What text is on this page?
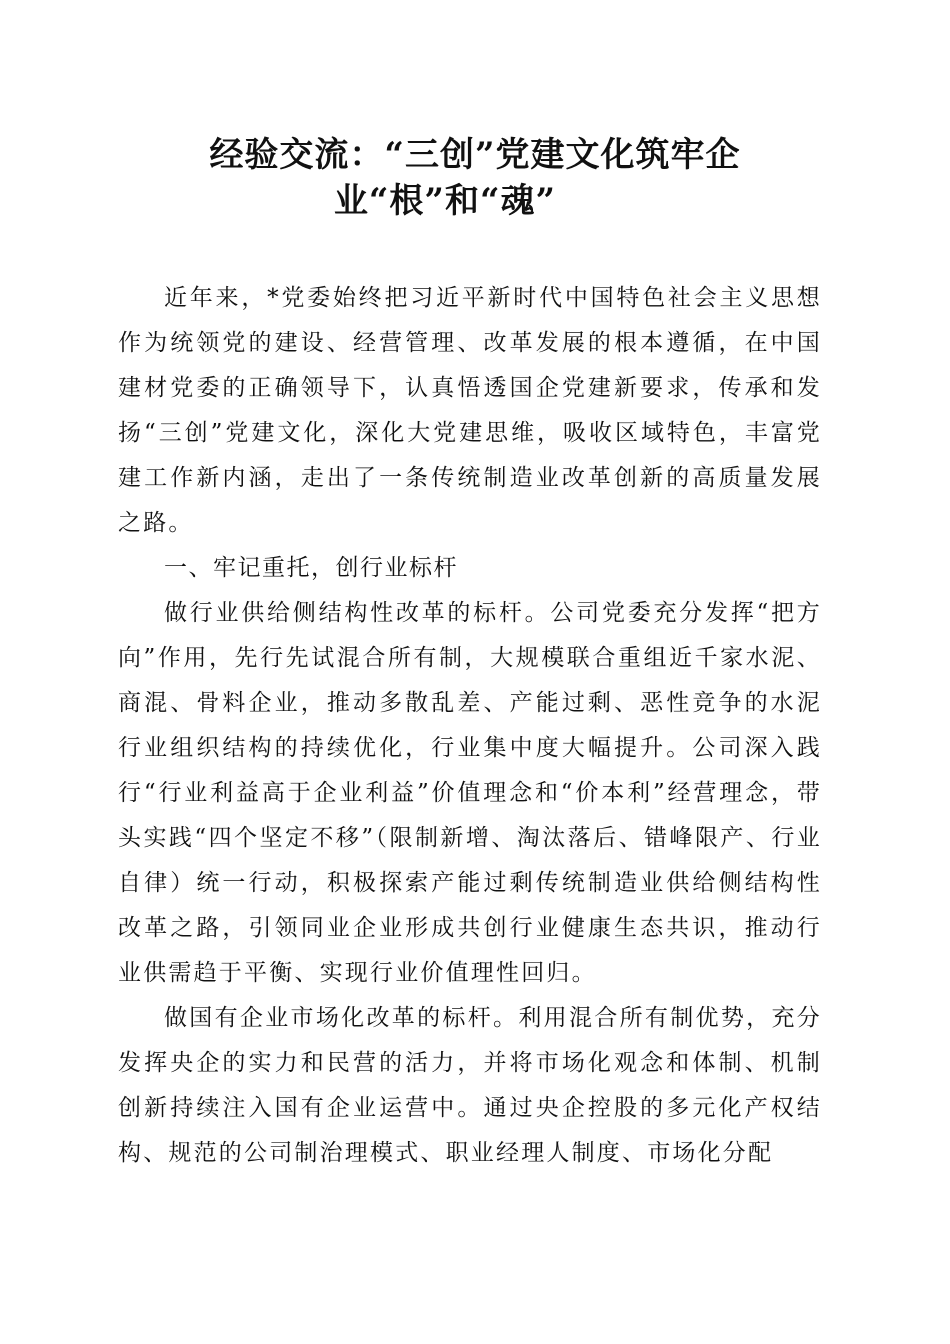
经验交流：“三创”党建文化筑牢企
业“根”和“魂”

近年来，*党委始终把习近平新时代中国特色社会主义思想作为统领党的建设、经营管理、改革发展的根本遵循，在中国建材党委的正确领导下，认真悟透国企党建新要求，传承和发扬“三创”党建文化，深化大党建思维，吸收区域特色，丰富党建工作新内涵，走出了一条传统制造业改革创新的高质量发展之路。

一、牢记重托，创行业标杆

做行业供给侧结构性改革的标杆。公司党委充分发挥“把方向”作用，先行先试混合所有制，大规模联合重组近千家水泥、商混、骨料企业，推动多散乱差、产能过剩、恶性竞争的水泥行业组织结构的持续优化，行业集中度大幅提升。公司深入践行“行业利益高于企业利益”价值理念和“价本利”经营理念，带头实践“四个坚定不移”（限制新增、淘汰落后、错峰限产、行业自律）统一行动，积极探索产能过剩传统制造业供给侧结构性改革之路，引领同业企业形成共创行业健康生态共识，推动行业供需趋于平衡、实现行业价值理性回归。

做国有企业市场化改革的标杆。利用混合所有制优势，充分发挥央企的实力和民营的活力，并将市场化观念和体制、机制创新持续注入国有企业运营中。通过央企控股的多元化产权结构、规范的公司制治理模式、职业经理人制度、市场化分配
